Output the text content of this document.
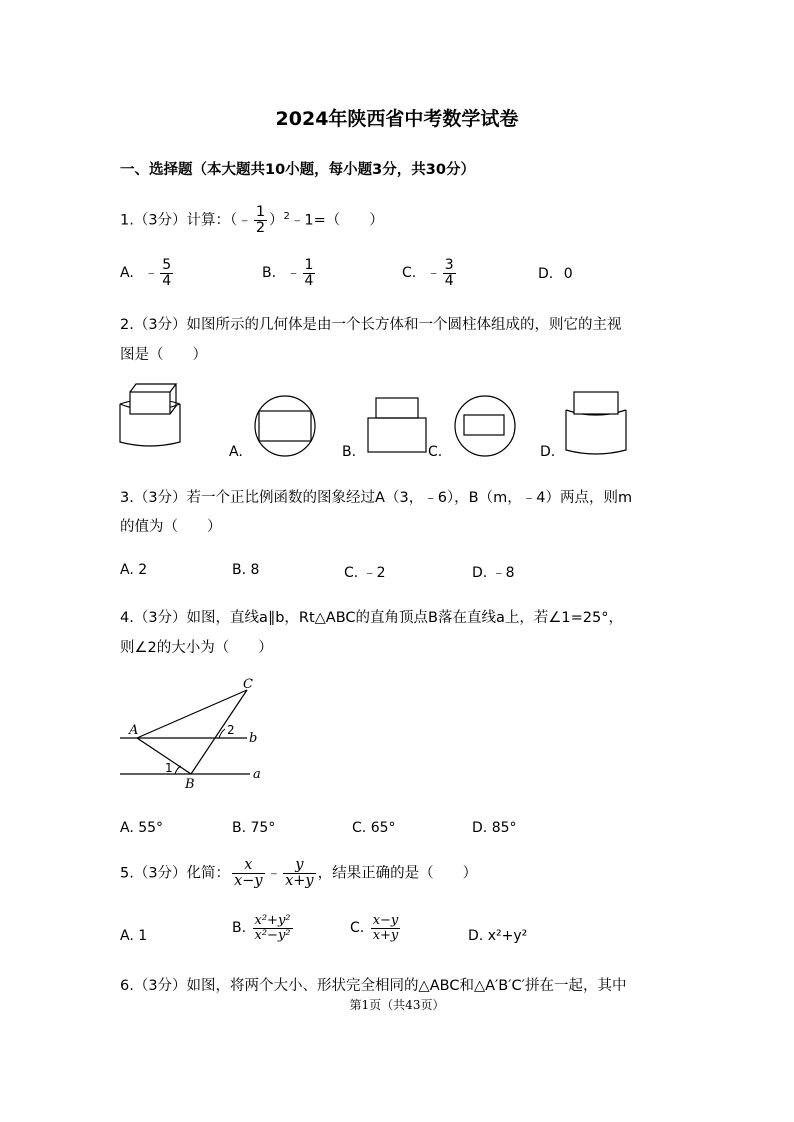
2024年陕西省中考数学试卷
一、选择题（本大题共10小题，每小题3分，共30分）
1.（3分）计算：（﹣ $\frac{1}{2}$ ）$^2$﹣1=（　　）
A. ﹣ $\frac{5}{4}$	B. ﹣ $\frac{1}{4}$	C. ﹣ $\frac{3}{4}$	D. 0
2.（3分）如图所示的几何体是由一个长方体和一个圆柱体组成的，则它的主视
图是（　　）
A.	B.	C.	D.
3.（3分）若一个正比例函数的图象经过A（3，﹣6），B（m，﹣4）两点，则m
的值为（　　）
A. 2	B. 8	C. ﹣2	D. ﹣8
4.（3分）如图，直线a∥b，Rt△ABC的直角顶点B落在直线a上，若∠1=25°，
则∠2的大小为（　　）
C
A
B
b
a
1
2
A. 55°	B. 75°	C. 65°	D. 85°
5.（3分）化简： $\frac{x}{x-y}$ ﹣ $\frac{y}{x+y}$ ，结果正确的是（　　）
A. 1	B. $\frac{\text{x²+y²}}{\text{x²−y²}}$	C. $\frac{x-y}{x+y}$	D. x²+y²
6.（3分）如图，将两个大小、形状完全相同的△ABC和△A′B′C′拼在一起，其中
第1页（共43页）
